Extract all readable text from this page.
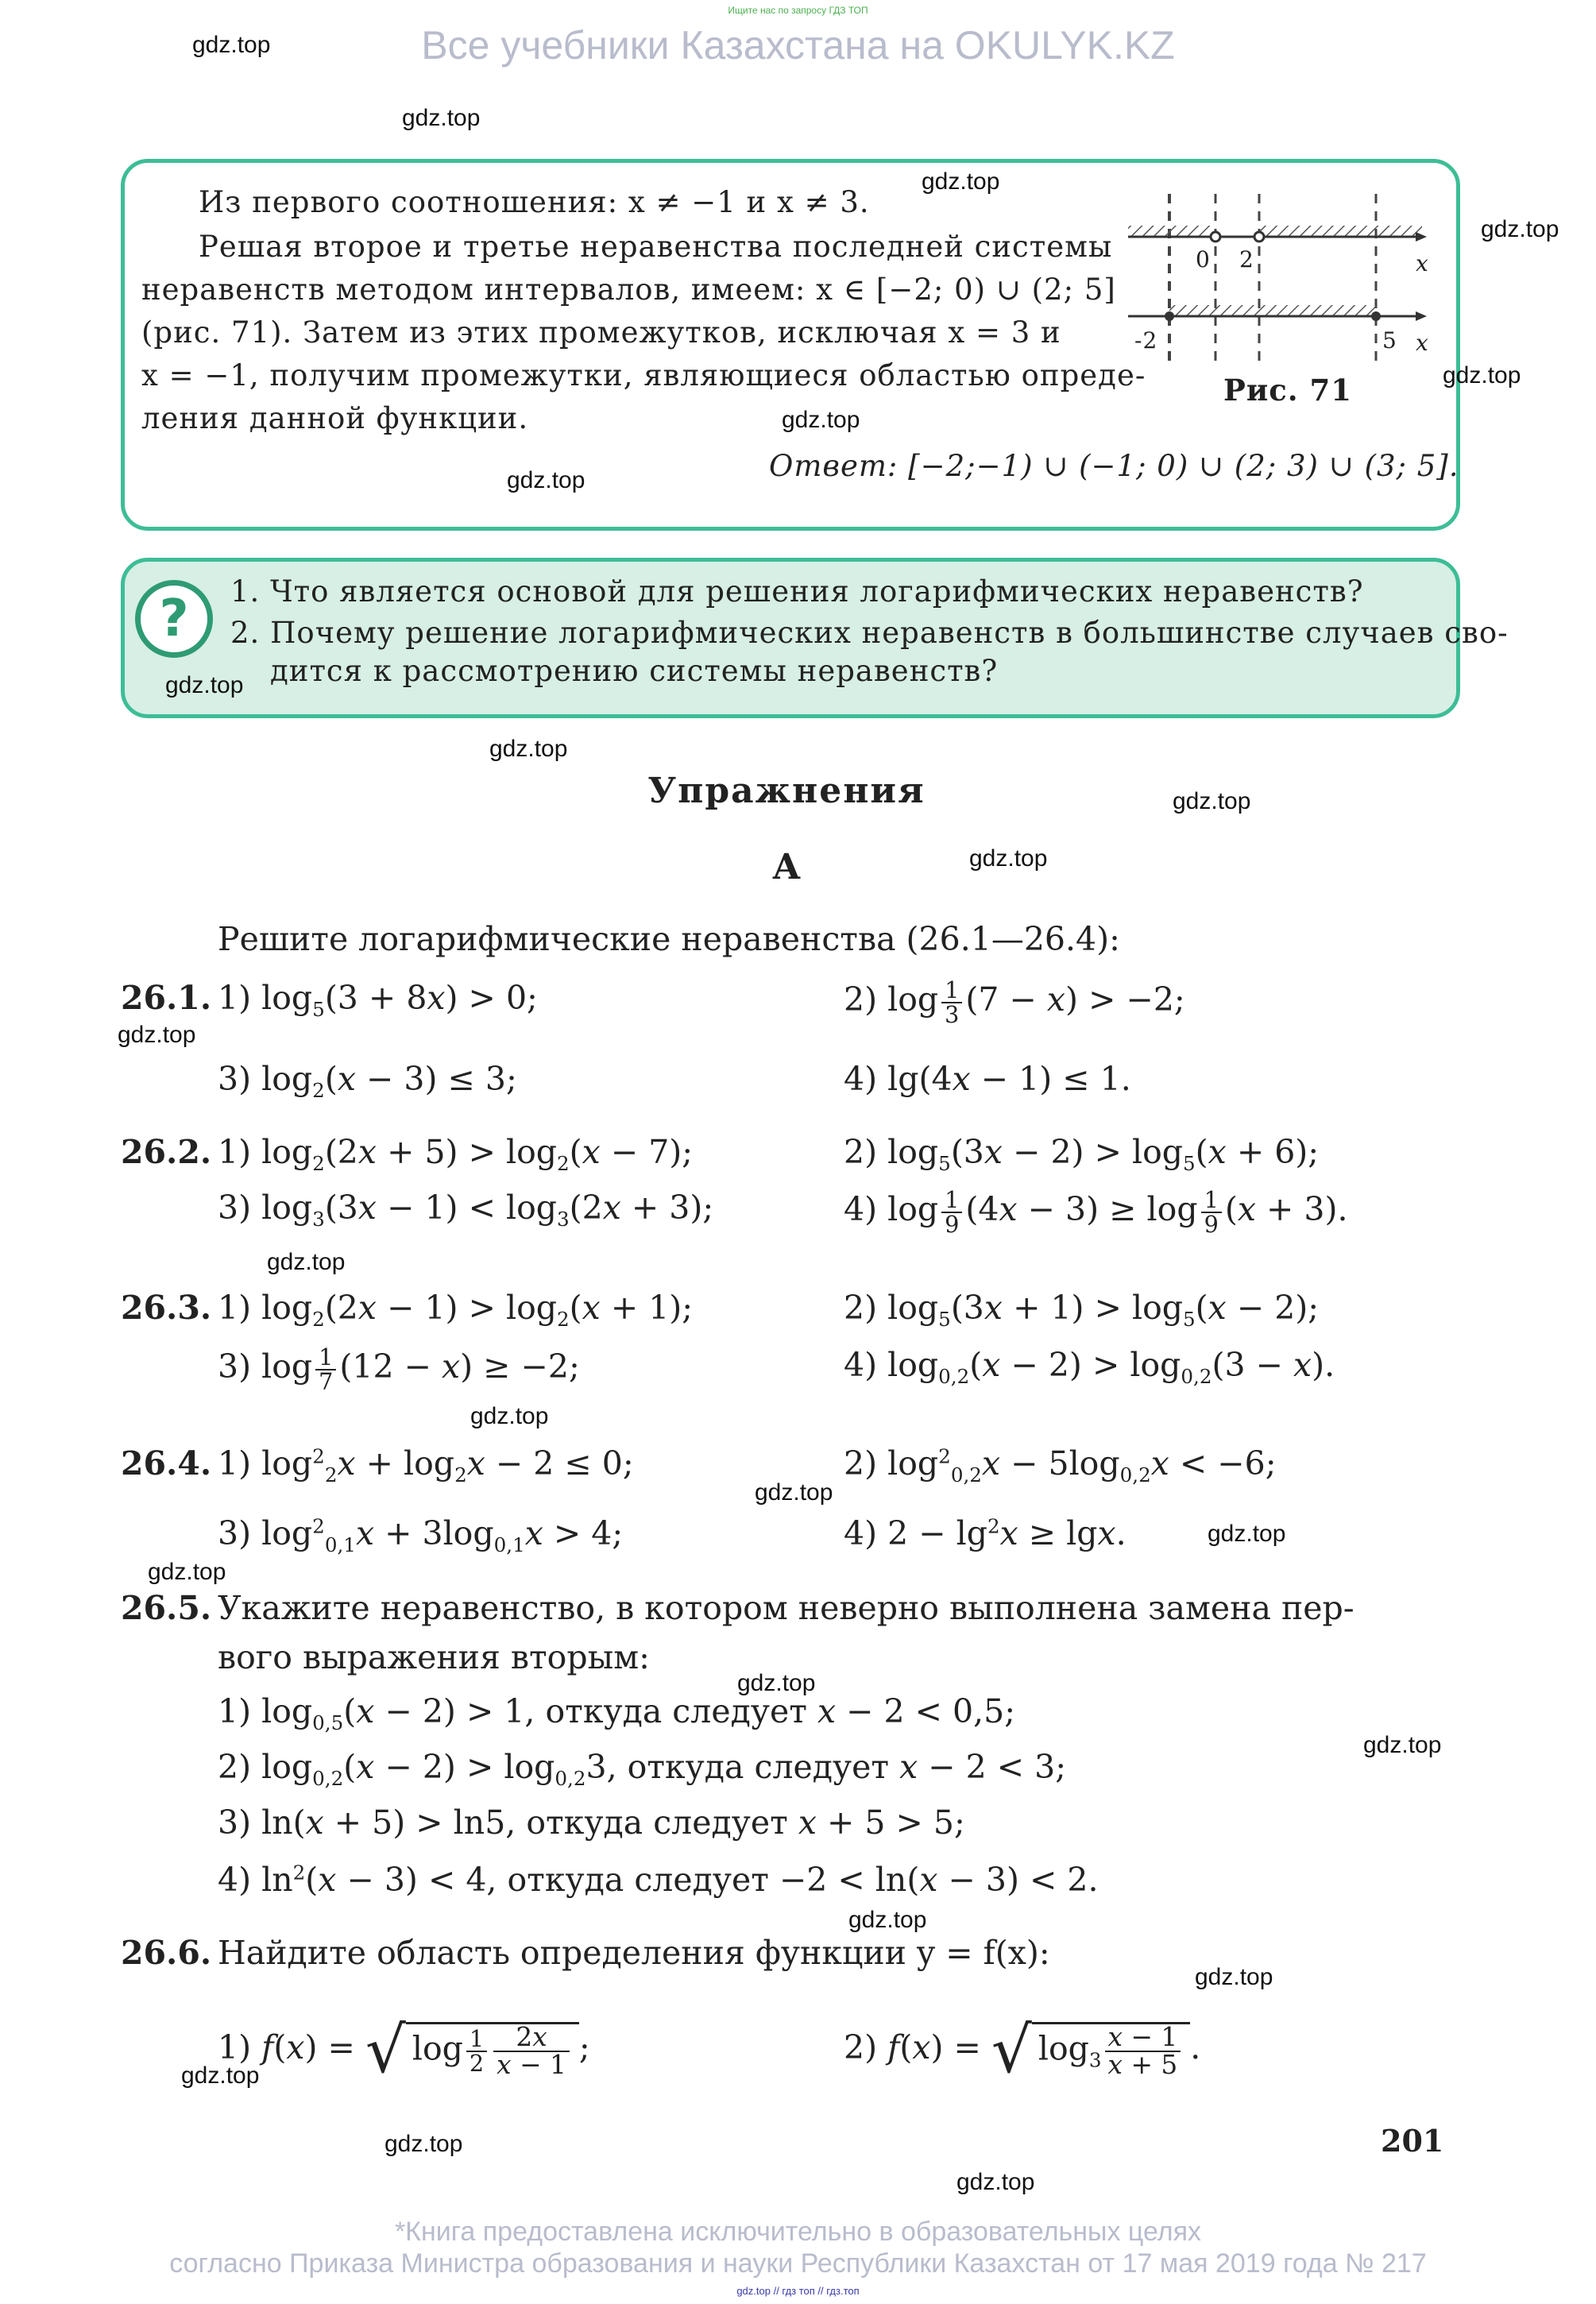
Ищите нас по запросу ГДЗ ТОП
Все учебники Казахстана на OKULYK.KZ
Из первого соотношения: x ≠ −1 и x ≠ 3.
Решая второе и третье неравенства последней системы
неравенств методом интервалов, имеем: x ∈ [−2; 0) ∪ (2; 5]
(рис. 71). Затем из этих промежутков, исключая x = 3 и
x = −1, получим промежутки, являющиеся областью опреде-
ления данной функции.
Ответ: [−2;−1) ∪ (−1; 0) ∪ (2; 3) ∪ (3; 5].
0 2	x
-2	5 x
Рис. 71
?	1. Что является основой для решения логарифмических неравенств?
2. Почему решение логарифмических неравенств в большинстве случаев сво-
дится к рассмотрению системы неравенств?
Упражнения
А
Решите логарифмические неравенства (26.1—26.4):
26.1. 1) $\log_5(3 + 8x) > 0$;	2) $\log \frac{1}{3} (7 - x) > -2$;
3) $\log_2(x - 3) \le 3$;	4) lg(4x − 1) ≤ 1.
26.2. 1) $\log_2(2x + 5) > \log_2(x - 7)$;	2) $\log_5(3x - 2) > \log_5(x + 6)$;
3) $\log_3(3x - 1) < \log_3(2x + 3)$;	4) $\log \frac{1}{9} (4x - 3) \ge \log \frac{1}{9} (x + 3)$.
26.3. 1) $\log_2(2x - 1) > \log_2(x + 1)$;	2) $\log_5(3x + 1) > \log_5(x - 2)$;
3) $\log \frac{1}{7} (12 - x) \ge -2$;	4) $\log_{0,2}(x - 2) > \log_{0,2}(3 - x)$.
26.4. 1) $\log^2_2x + \log_2x - 2 \le 0$;	2) $\log^2_{0,2}x - 5\log_{0,2}x < -6$;
3) $\log^2_{0,1}x + 3\log_{0,1}x > 4$;	4) $2 - \lg^2x \ge \lg x$.
26.5. Укажите неравенство, в котором неверно выполнена замена пер-
вого выражения вторым:
1) $\log_{0,5}(x - 2) > 1$, откуда следует x − 2 < 0,5;
2) $\log_{0,2}(x - 2) > \log_{0,2}3$, откуда следует x − 2 < 3;
3) ln(x + 5) > ln5, откуда следует x + 5 > 5;
4) $\ln^2(x - 3) < 4$, откуда следует −2 < ln(x − 3) < 2.
26.6. Найдите область определения функции y = f(x):
1) f(x) = √ $\log \frac{1}{2} \frac{2x}{x - 1}$ ;	2) f(x) = √ $\log_3 \frac{x - 1}{x + 5}$ .
201
*Книга предоставлена исключительно в образовательных целях
согласно Приказа Министра образования и науки Республики Казахстан от 17 мая 2019 года № 217
gdz.top // гдз топ // гдз.топ
gdz.top
gdz.top
gdz.top
gdz.top
gdz.top
gdz.top
gdz.top
gdz.top
gdz.top
gdz.top
gdz.top
gdz.top
gdz.top
gdz.top
gdz.top
gdz.top
gdz.top
gdz.top
gdz.top
gdz.top
gdz.top
gdz.top
gdz.top
gdz.top
